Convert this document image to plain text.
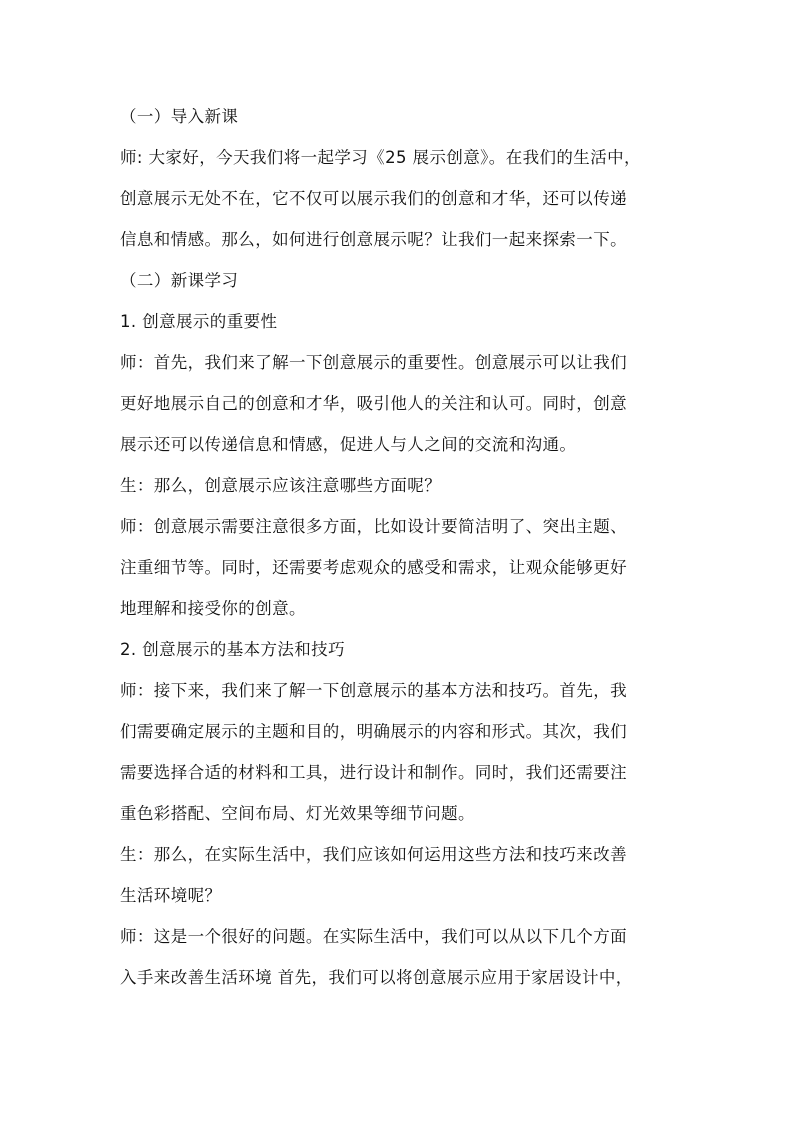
（一）导入新课
师: 大家好，今天我们将一起学习《25 展示创意》。在我们的生活中，
创意展示无处不在，它不仅可以展示我们的创意和才华，还可以传递
信息和情感。那么，如何进行创意展示呢？让我们一起来探索一下。
（二）新课学习
1. 创意展示的重要性
师：首先，我们来了解一下创意展示的重要性。创意展示可以让我们
更好地展示自己的创意和才华，吸引他人的关注和认可。同时，创意
展示还可以传递信息和情感，促进人与人之间的交流和沟通。
生：那么，创意展示应该注意哪些方面呢？
师：创意展示需要注意很多方面，比如设计要简洁明了、突出主题、
注重细节等。同时，还需要考虑观众的感受和需求，让观众能够更好
地理解和接受你的创意。
2. 创意展示的基本方法和技巧
师：接下来，我们来了解一下创意展示的基本方法和技巧。首先，我
们需要确定展示的主题和目的，明确展示的内容和形式。其次，我们
需要选择合适的材料和工具，进行设计和制作。同时，我们还需要注
重色彩搭配、空间布局、灯光效果等细节问题。
生：那么，在实际生活中，我们应该如何运用这些方法和技巧来改善
生活环境呢？
师：这是一个很好的问题。在实际生活中，我们可以从以下几个方面
入手来改善生活环境 首先，我们可以将创意展示应用于家居设计中，
